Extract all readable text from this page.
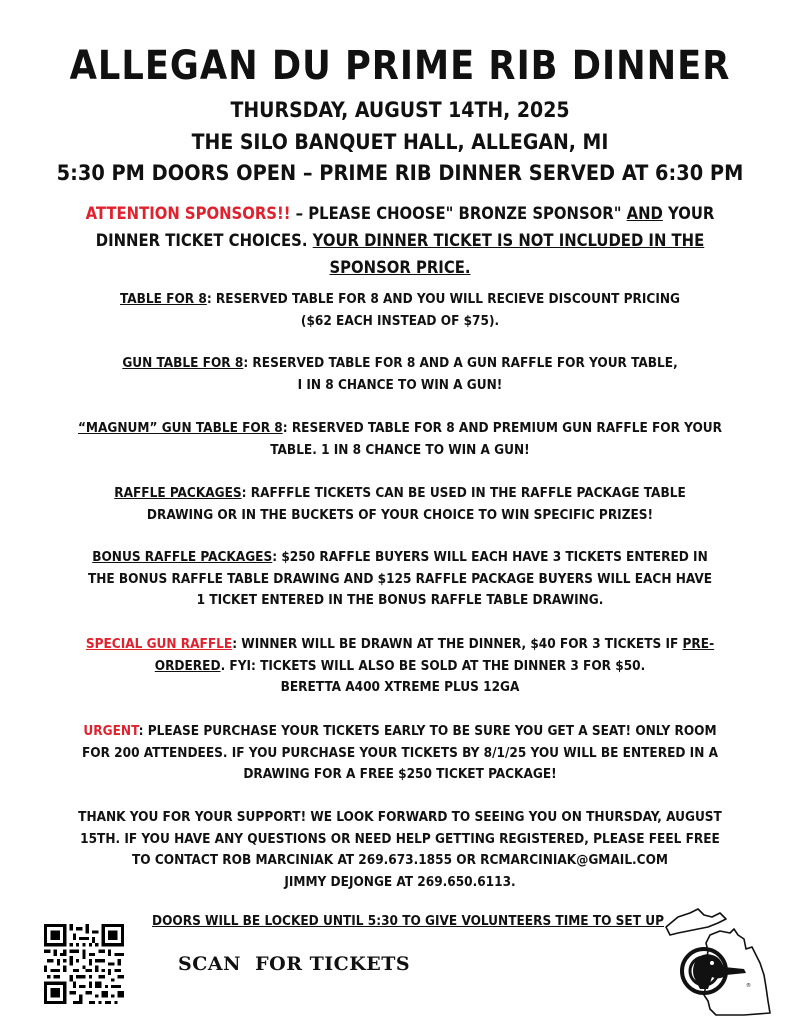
ALLEGAN DU PRIME RIB DINNER
THURSDAY, AUGUST 14TH, 2025
THE SILO BANQUET HALL, ALLEGAN, MI
5:30 PM DOORS OPEN – PRIME RIB DINNER SERVED AT 6:30 PM
ATTENTION SPONSORS!! – PLEASE CHOOSE" BRONZE SPONSOR" AND YOUR DINNER TICKET CHOICES. YOUR DINNER TICKET IS NOT INCLUDED IN THE SPONSOR PRICE.
TABLE FOR 8: RESERVED TABLE FOR 8 AND YOU WILL RECIEVE DISCOUNT PRICING
($62 EACH INSTEAD OF $75).
GUN TABLE FOR 8: RESERVED TABLE FOR 8 AND A GUN RAFFLE FOR YOUR TABLE,
I IN 8 CHANCE TO WIN A GUN!
“MAGNUM” GUN TABLE FOR 8: RESERVED TABLE FOR 8 AND PREMIUM GUN RAFFLE FOR YOUR
TABLE. 1 IN 8 CHANCE TO WIN A GUN!
RAFFLE PACKAGES: RAFFFLE TICKETS CAN BE USED IN THE RAFFLE PACKAGE TABLE
DRAWING OR IN THE BUCKETS OF YOUR CHOICE TO WIN SPECIFIC PRIZES!
BONUS RAFFLE PACKAGES: $250 RAFFLE BUYERS WILL EACH HAVE 3 TICKETS ENTERED IN
THE BONUS RAFFLE TABLE DRAWING AND $125 RAFFLE PACKAGE BUYERS WILL EACH HAVE
1 TICKET ENTERED IN THE BONUS RAFFLE TABLE DRAWING.
SPECIAL GUN RAFFLE: WINNER WILL BE DRAWN AT THE DINNER, $40 FOR 3 TICKETS IF PRE-
ORDERED. FYI: TICKETS WILL ALSO BE SOLD AT THE DINNER 3 FOR $50.
BERETTA A400 XTREME PLUS 12GA
URGENT: PLEASE PURCHASE YOUR TICKETS EARLY TO BE SURE YOU GET A SEAT! ONLY ROOM
FOR 200 ATTENDEES. IF YOU PURCHASE YOUR TICKETS BY 8/1/25 YOU WILL BE ENTERED IN A
DRAWING FOR A FREE $250 TICKET PACKAGE!
THANK YOU FOR YOUR SUPPORT! WE LOOK FORWARD TO SEEING YOU ON THURSDAY, AUGUST
15TH. IF YOU HAVE ANY QUESTIONS OR NEED HELP GETTING REGISTERED, PLEASE FEEL FREE
TO CONTACT ROB MARCINIAK AT 269.673.1855 OR RCMARCINIAK@GMAIL.COM
JIMMY DEJONGE AT 269.650.6113.
DOORS WILL BE LOCKED UNTIL 5:30 TO GIVE VOLUNTEERS TIME TO SET UP
SCAN  FOR TICKETS
®
